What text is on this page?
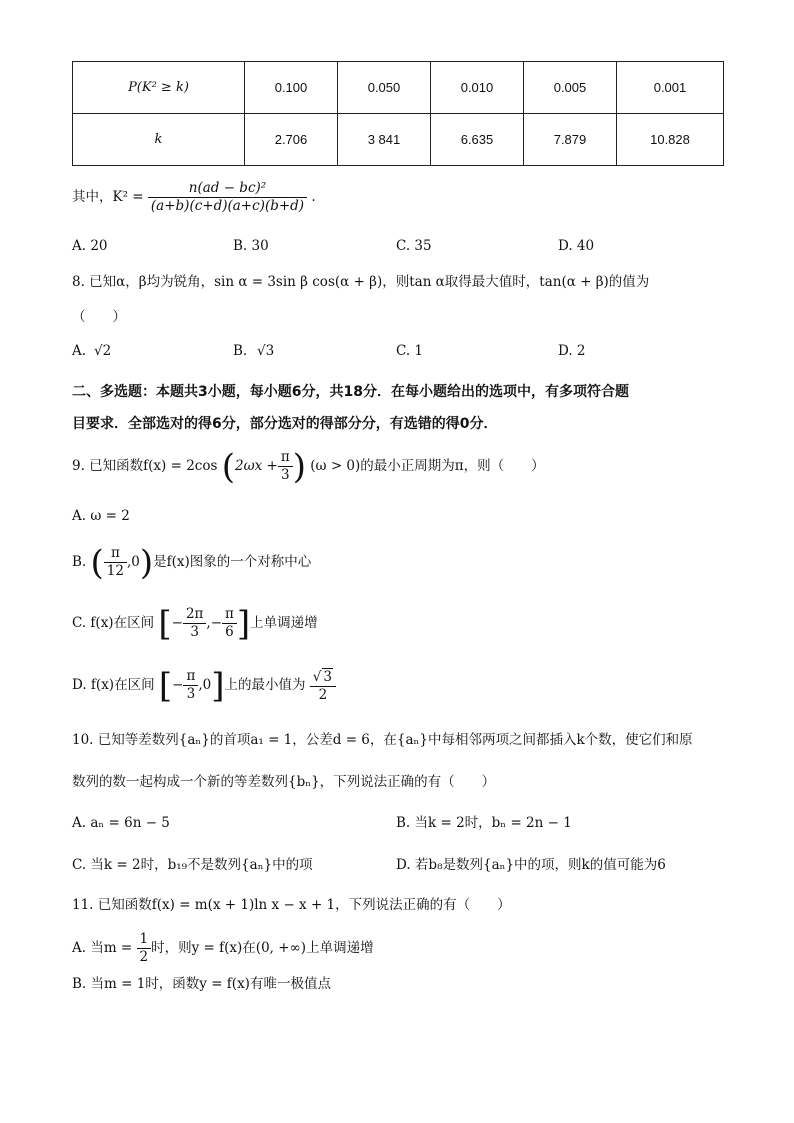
P(K² ≥ k)	0.100	0.050	0.010	0.005	0.001
k	2.706	3 841	6.635	7.879	10.828
其中，$K^2 = \frac{\text{n(ad − bc)²}}{(a+b)(c+d)(a+c)(b+d)}$ .
A. 20	B. 30	C. 35	D. 40
8. 已知α，β均为锐角，sin α = 3sin β cos(α + β)，则tan α取得最大值时，tan(α + β)的值为
（　　）
A. √2	B. √3	C. 1	D. 2
二、多选题：本题共3小题，每小题6分，共18分．在每小题给出的选项中，有多项符合题
目要求．全部选对的得6分，部分选对的得部分分，有选错的得0分．
9. 已知函数f(x) = 2cos ($2\omega x + \frac{\pi}{3}$ ) (ω > 0)的最小正周期为π，则（　　）
A. ω = 2
B. ( $\frac{\pi}{12} ,0$)是f(x)图象的一个对称中心
C. f(x)在区间 [− $\frac{2\pi}{3}$ ,− $\frac{\pi}{6}$ ]上单调递增
D. f(x)在区间 [− $\frac{\pi}{3} ,0$]上的最小值为 $\frac{√ 3}{2}$
10. 已知等差数列{aₙ}的首项a₁ = 1，公差d = 6，在{aₙ}中每相邻两项之间都插入k个数，使它们和原
数列的数一起构成一个新的等差数列{bₙ}，下列说法正确的有（　　）
A. aₙ = 6n − 5	B. 当k = 2时，bₙ = 2n − 1
C. 当k = 2时，b₁₉不是数列{aₙ}中的项	D. 若b₈是数列{aₙ}中的项，则k的值可能为6
11. 已知函数f(x) = m(x + 1)ln x − x + 1，下列说法正确的有（　　）
A. 当$m = \frac{1}{2}$ 时，则y = f(x)在(0, +∞)上单调递增
B. 当m = 1时，函数y = f(x)有唯一极值点
